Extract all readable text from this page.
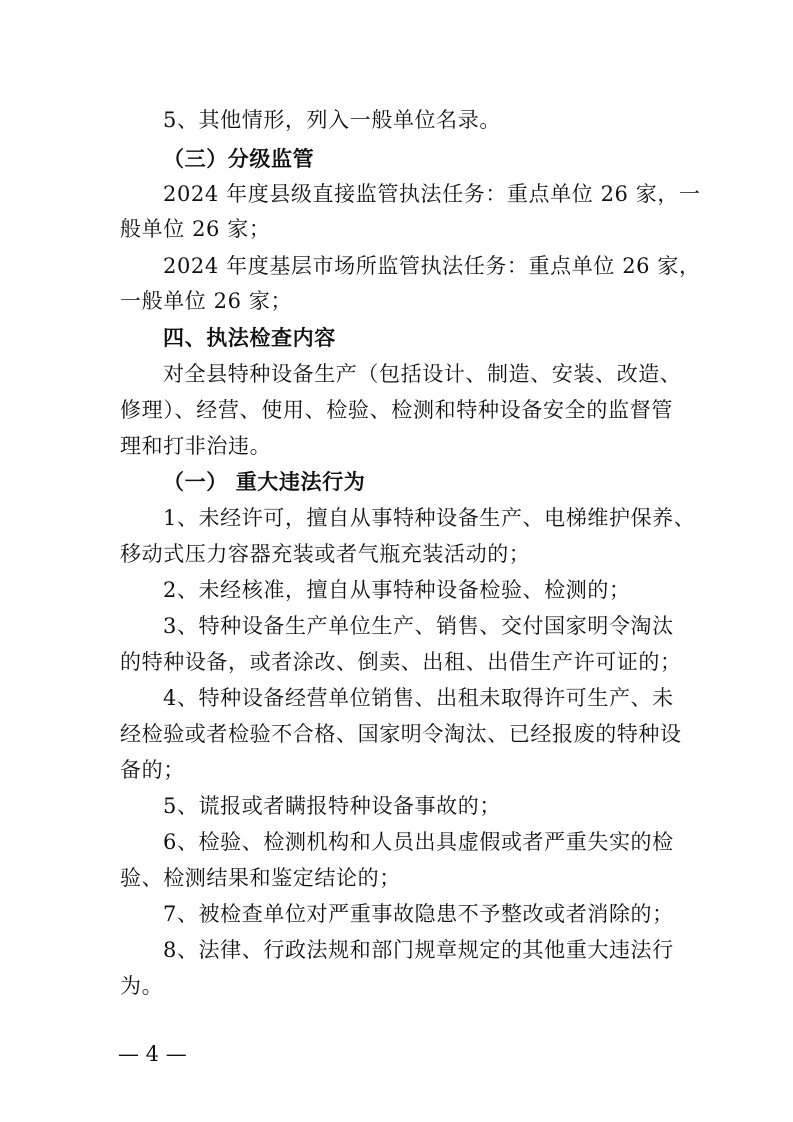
5、其他情形，列入一般单位名录。
（三）分级监管
2024 年度县级直接监管执法任务：重点单位 26 家，一
般单位 26 家；
2024 年度基层市场所监管执法任务：重点单位 26 家，
一般单位 26 家；
四、执法检查内容
对全县特种设备生产（包括设计、制造、安装、改造、
修理）、经营、使用、检验、检测和特种设备安全的监督管
理和打非治违。
（一） 重大违法行为
1、未经许可，擅自从事特种设备生产、电梯维护保养、
移动式压力容器充装或者气瓶充装活动的；
2、未经核准，擅自从事特种设备检验、检测的；
3、特种设备生产单位生产、销售、交付国家明令淘汰
的特种设备，或者涂改、倒卖、出租、出借生产许可证的；
4、特种设备经营单位销售、出租未取得许可生产、未
经检验或者检验不合格、国家明令淘汰、已经报废的特种设
备的；
5、谎报或者瞒报特种设备事故的；
6、检验、检测机构和人员出具虚假或者严重失实的检
验、检测结果和鉴定结论的；
7、被检查单位对严重事故隐患不予整改或者消除的；
8、法律、行政法规和部门规章规定的其他重大违法行
为。
— 4 —
